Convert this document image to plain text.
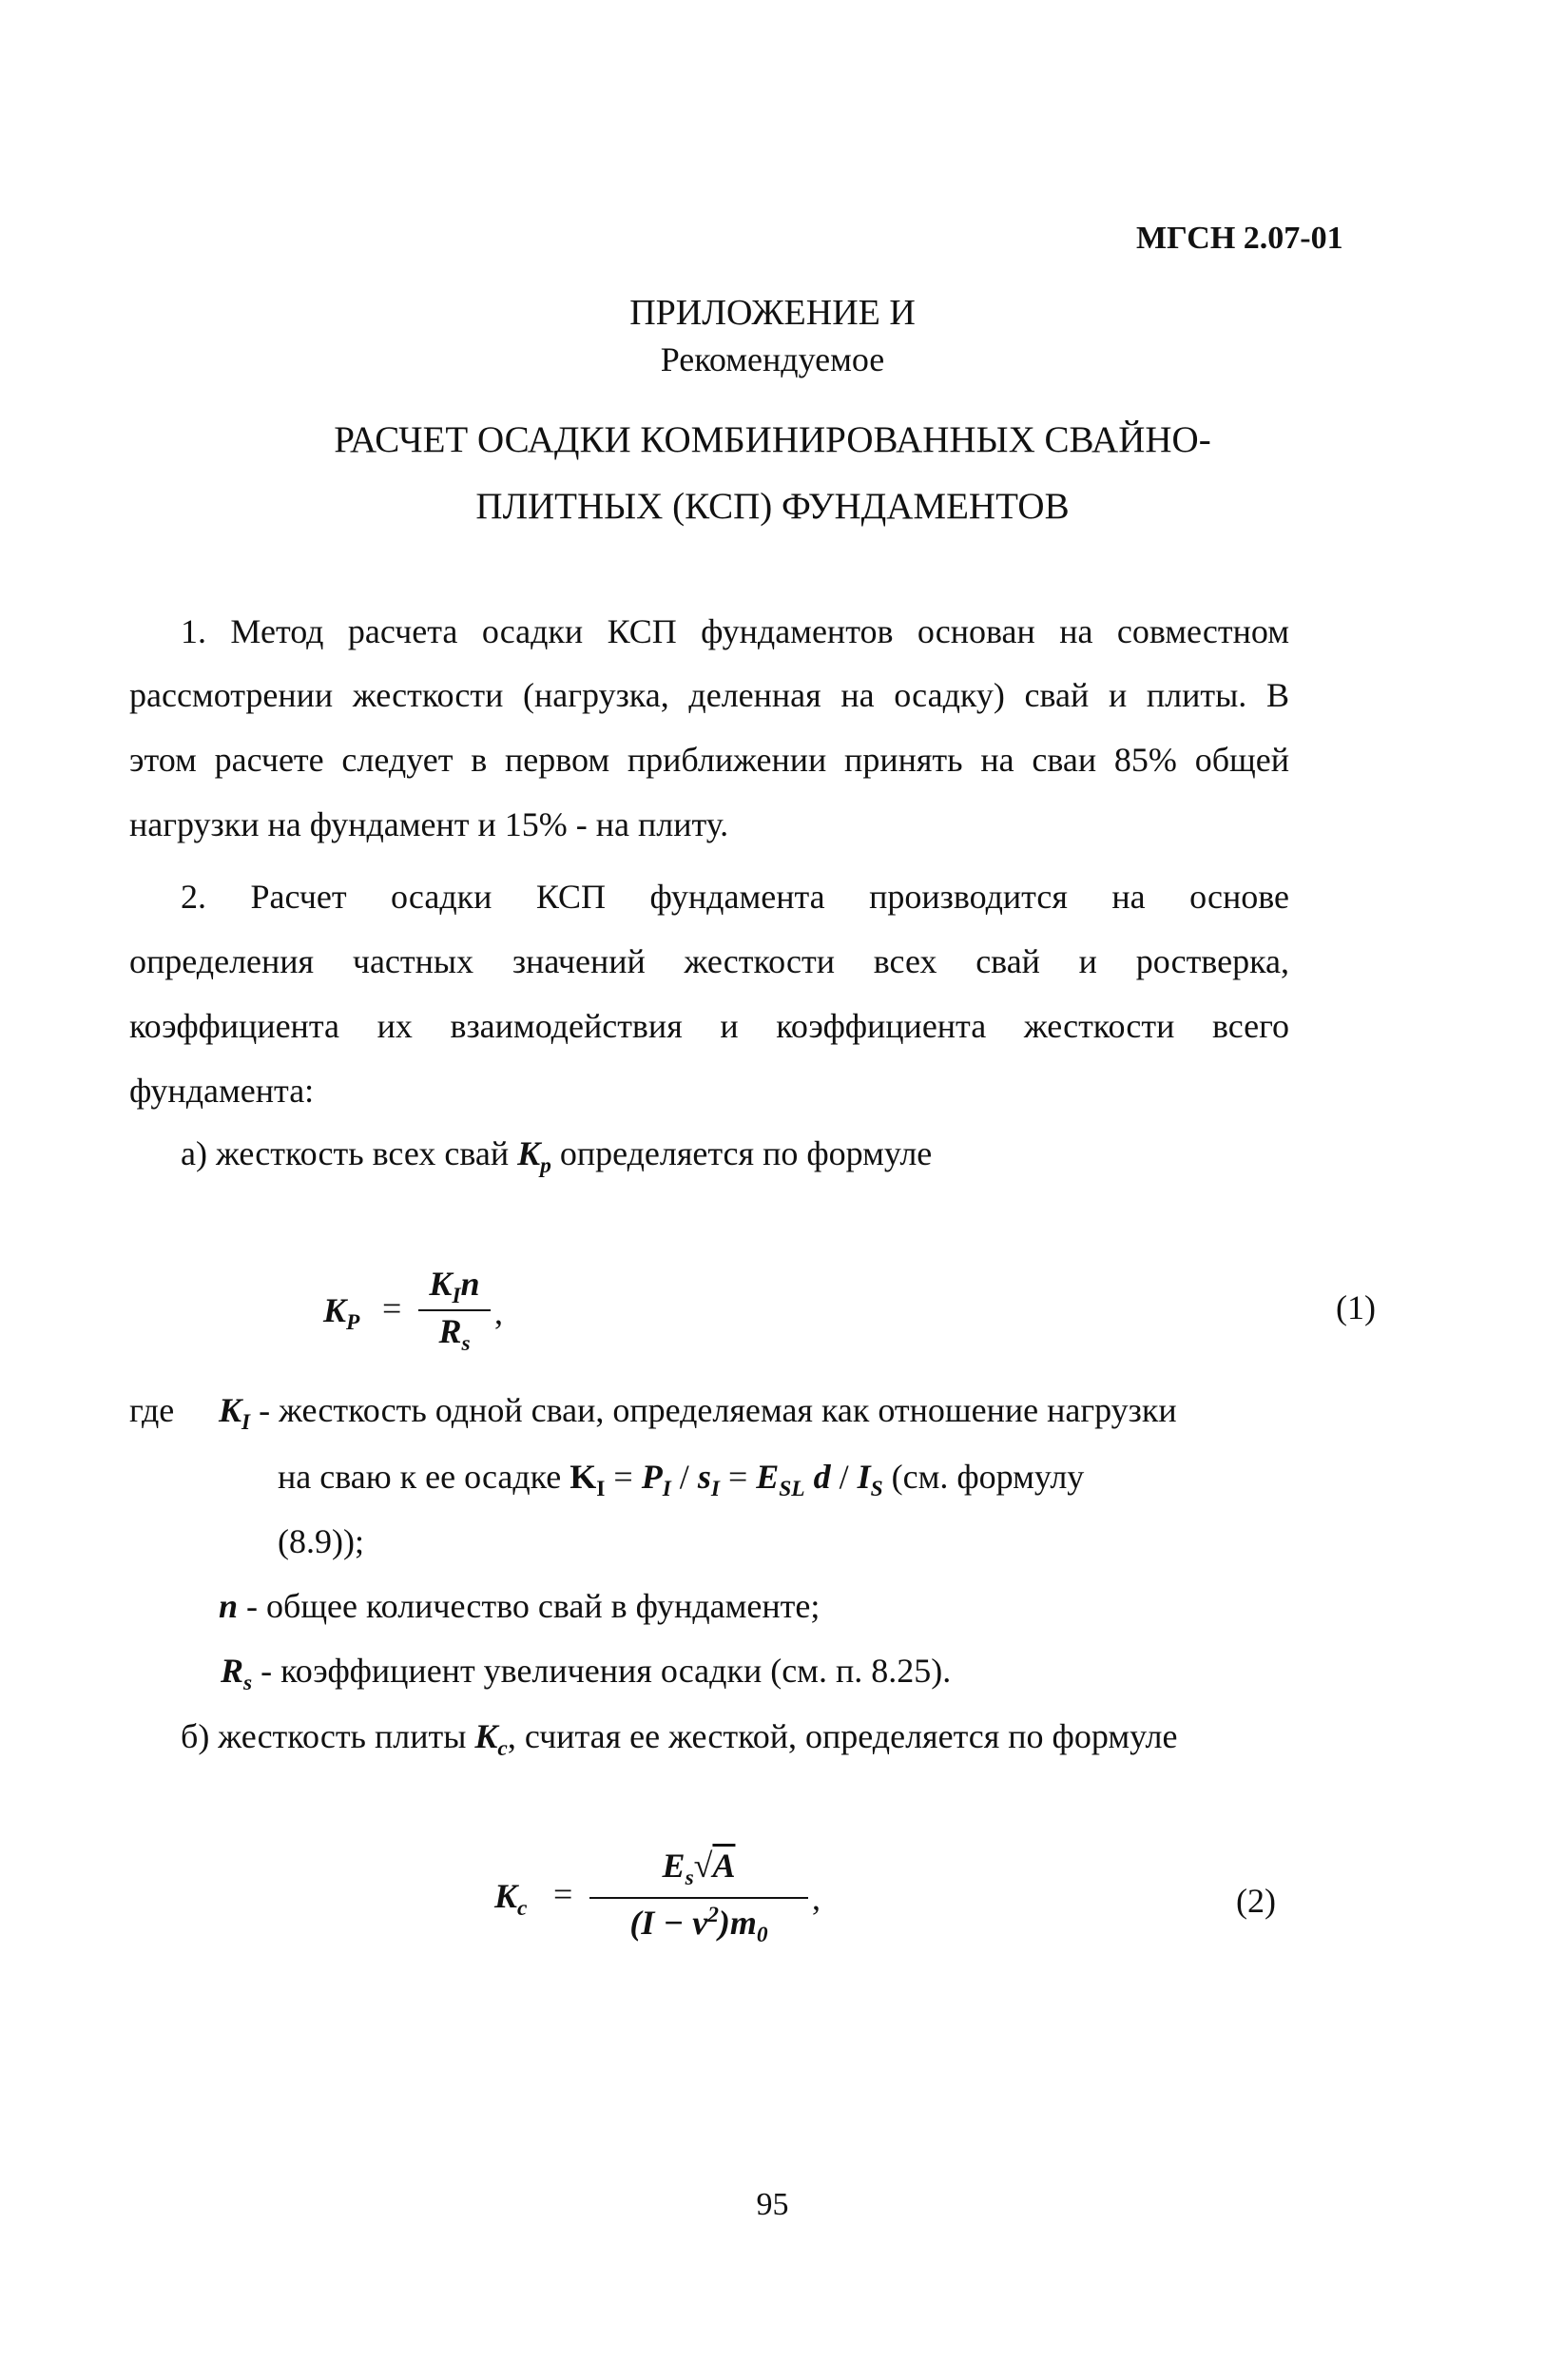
МГСН 2.07-01
ПРИЛОЖЕНИЕ И
Рекомендуемое
РАСЧЕТ ОСАДКИ КОМБИНИРОВАННЫХ СВАЙНО-
ПЛИТНЫХ (КСП) ФУНДАМЕНТОВ
1. Метод расчета осадки КСП фундаментов основан на совместном
рассмотрении жесткости (нагрузка, деленная на осадку) свай и плиты. В
этом расчете следует в первом приближении принять на сваи 85% общей
нагрузки на фундамент и 15% - на плиту.
2. Расчет осадки КСП фундамента производится на основе
определения частных значений жесткости всех свай и ростверка,
коэффициента их взаимодействия и коэффициента жесткости всего
фундамента:
а) жесткость всех свай $K_p$ определяется по формуле
$K_P$ =
$K_In$
$R_s$
,	(1)
где $K_I$ - жесткость одной сваи, определяемая как отношение нагрузки
на сваю к ее осадке $K_I = P_I / s_I = E_{SL}$ d / $I_S$ (см. формулу
(8.9));
n - общее количество свай в фундаменте;
$R_s$ - коэффициент увеличения осадки (см. п. 8.25).
б) жесткость плиты $K_c$, считая ее жесткой, определяется по формуле
$K_c$ =
$E_s√A$
$(I - \nu^2)m_0$
,	(2)
95
